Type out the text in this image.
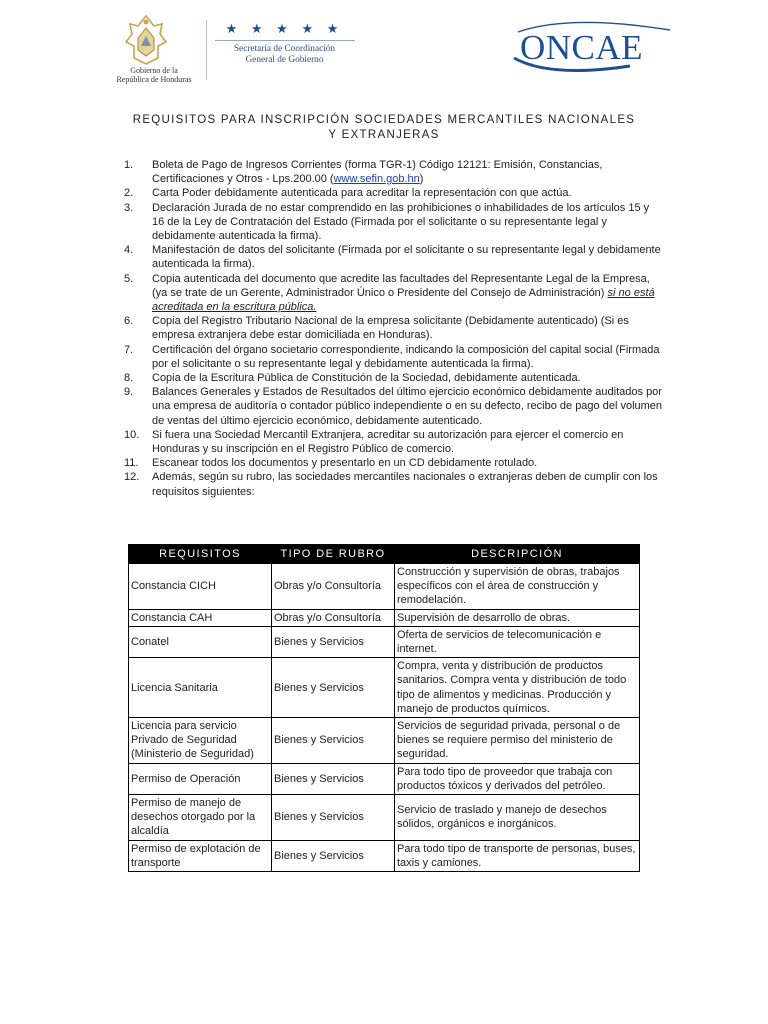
Gobierno de la
República de Honduras
★ ★ ★ ★ ★
Secretaría de Coordinación
General de Gobierno	ONCAE
REQUISITOS PARA INSCRIPCIÓN SOCIEDADES MERCANTILES NACIONALES Y EXTRANJERAS
1.	Boleta de Pago de Ingresos Corrientes (forma TGR-1) Código 12121: Emisión, Constancias, Certificaciones y Otros - Lps.200.00 (www.sefin.gob.hn)
2.	Carta Poder debidamente autenticada para acreditar la representación con que actúa.
3.	Declaración Jurada de no estar comprendido en las prohibiciones o inhabilidades de los artículos 15 y 16 de la Ley de Contratación del Estado (Firmada por el solicitante o su representante legal y debidamente autenticada la firma).
4.	Manifestación de datos del solicitante (Firmada por el solicitante o su representante legal y debidamente autenticada la firma).
5.	Copia autenticada del documento que acredite las facultades del Representante Legal de la Empresa, (ya se trate de un Gerente, Administrador Único o Presidente del Consejo de Administración) si no está acreditada en la escritura pública.
6.	Copia del Registro Tributario Nacional de la empresa solicitante (Debidamente autenticado) (Si es empresa extranjera debe estar domiciliada en Honduras).
7.	Certificación del órgano societario correspondiente, indicando la composición del capital social (Firmada por el solicitante o su representante legal y debidamente autenticada la firma).
8.	Copia de la Escritura Pública de Constitución de la Sociedad, debidamente autenticada.
9.	Balances Generales y Estados de Resultados del último ejercicio económico debidamente auditados por una empresa de auditoría o contador público independiente o en su defecto, recibo de pago del volumen de ventas del último ejercicio económico, debidamente autenticado.
10.	Si fuera una Sociedad Mercantil Extranjera, acreditar su autorización para ejercer el comercio en Honduras y su inscripción en el Registro Público de comercio.
11.	Escanear todos los documentos y presentarlo en un CD debidamente rotulado.
12.	Además, según su rubro, las sociedades mercantiles nacionales o extranjeras deben de cumplir con los requisitos siguientes:
REQUISITOS	TIPO DE RUBRO	DESCRIPCIÓN
Constancia CICH	Obras y/o Consultoría	Construcción y supervisión de obras, trabajos específicos con el área de construcción y remodelación.
Constancia CAH	Obras y/o Consultoría	Supervisión de desarrollo de obras.
Conatel	Bienes y Servicios	Oferta de servicios de telecomunicación e internet.
Licencia Sanitaria	Bienes y Servicios	Compra, venta y distribución de productos sanitarios. Compra venta y distribución de todo tipo de alimentos y medicinas. Producción y manejo de productos químicos.
Licencia para servicio Privado de Seguridad (Ministerio de Seguridad)	Bienes y Servicios	Servicios de seguridad privada, personal o de bienes se requiere permiso del ministerio de seguridad.
Permiso de Operación	Bienes y Servicios	Para todo tipo de proveedor que trabaja con productos tóxicos y derivados del petróleo.
Permiso de manejo de desechos otorgado por la alcaldía	Bienes y Servicios	Servicio de traslado y manejo de desechos sólidos, orgánicos e inorgánicos.
Permiso de explotación de transporte	Bienes y Servicios	Para todo tipo de transporte de personas, buses, taxis y camiones.
